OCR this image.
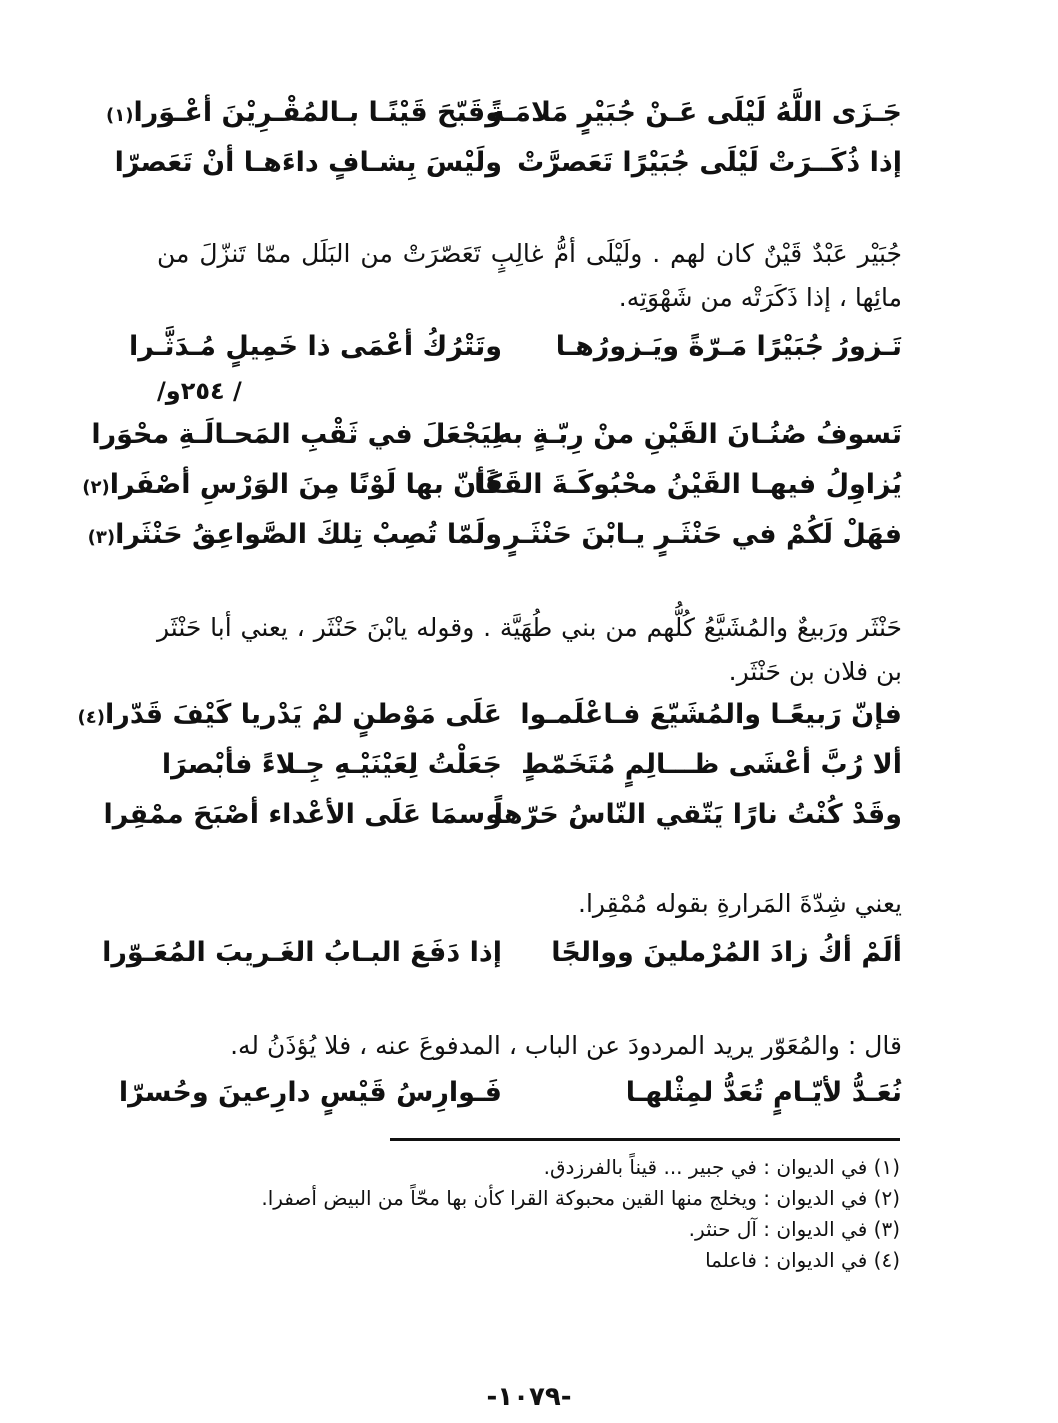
جَـزَى اللَّهُ لَيْلَى عَـنْ جُبَيْرٍ مَلامَـةً
وقَبّحَ قَيْنًـا بـالمُقْـرِيْنَ أعْـوَرا(١)
إذا ذُكَــرَتْ لَيْلَى جُبَيْرًا تَعَصرَّتْ
ولَيْسَ بِشـافٍ داءَهـا أنْ تَعَصرّا
جُبَيْر عَبْدٌ قَيْنٌ كان لهم . ولَيْلَى أمُّ غالِبٍ تَعَصّرَتْ من البَلَل ممّا تَنزّلَ من مائِها ، إذا ذَكَرَتْه من شَهْوَتِه.
تَـزورُ جُبَيْرًا مَـرّةً ويَـزورُهـا
وتَتْرُكُ أعْمَى ذا خَمِيلٍ مُـدَثَّـرا
/ ٢٥٤و/
تَسوفُ صُنُـانَ القَيْنِ منْ رِبّـةٍ به
لِيَجْعَلَ في ثَقْبِ المَحـالَـةِ محْوَرا
يُزاوِلُ فيهـا القَيْنُ محْبُوكَـةَ القَفَا
كَأنّ بها لَوْنًا مِنَ الوَرْسِ أصْفَرا(٢)
فهَلْ لَكُمْ في حَنْثَـرٍ يـابْنَ حَنْثَـرٍ
ولَمّا تُصِبْ تِلكَ الصَّواعِقُ حَنْثَرا(٣)
حَنْثَر ورَبيعٌ والمُشَيَّعُ كُلُّهم من بني طُهَيَّة . وقوله يابْنَ حَنْثَر ، يعني أبا حَنْثَر بن فلان بن حَنْثَر.
فإنّ رَبيعًـا والمُشَيّعَ فـاعْلَمـوا
عَلَى مَوْطنٍ لمْ يَدْريا كَيْفَ قَدّرا(٤)
ألا رُبَّ أعْشَى ظـــالِمٍ مُتَخَمّطٍ
جَعَلْتُ لِعَيْنَيْـهِ جِـلاءً فأبْصرَا
وقَدْ كُنْتُ نارًا يَتّقي النّاسُ حَرّهاً
وسمَا عَلَى الأعْداء أصْبَحَ ممْقِرا
يعني شِدّةَ المَرارةِ بقوله مُمْقِرا.
ألَمْ أكُ زادَ المُرْملينَ ووالجًا
إذا دَفَعَ البـابُ الغَـريبَ المُعَـوّرا
قال : والمُعَوّر يريد المردودَ عن الباب ، المدفوعَ عنه ، فلا يُؤذَنُ له.
نُعَـدُّ لأيّـامٍ تُعَدُّ لمِثْلهـا
فَـوارِسُ قَيْسٍ دارِعينَ وحُسرّا
(١) في الديوان : في جبير ... قيناً بالفرزدق.
(٢) في الديوان : ويخلج منها القين محبوكة القرا كأن بها محّاً من البيض أصفرا.
(٣) في الديوان : آل حنثر.
(٤) في الديوان : فاعلما
-١٠٧٩-
